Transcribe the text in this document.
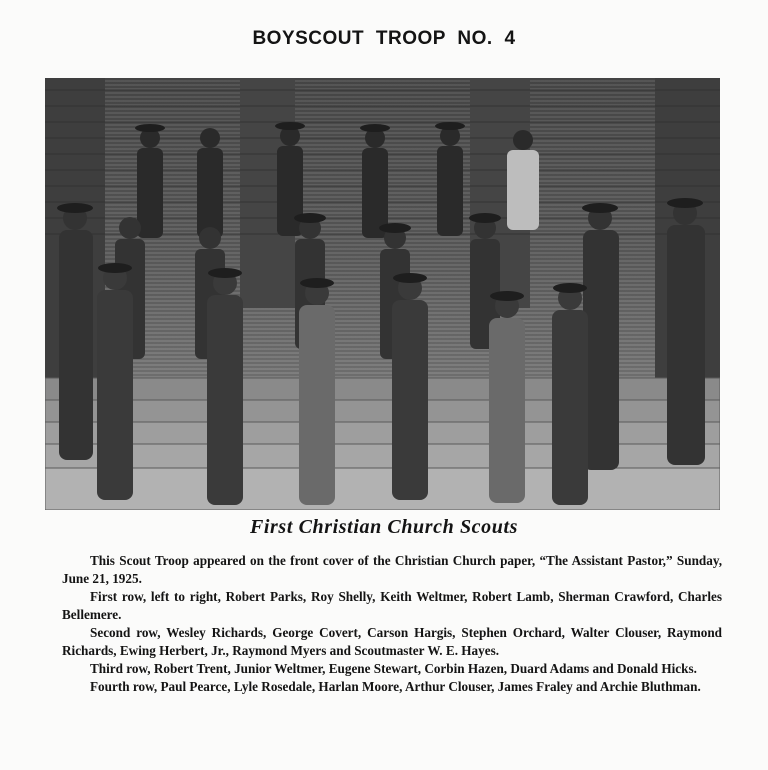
BOYSCOUT TROOP NO. 4
First Christian Church Scouts

This Scout Troop appeared on the front cover of the Christian Church paper, “The Assistant Pastor,” Sunday, June 21, 1925.

First row, left to right, Robert Parks, Roy Shelly, Keith Weltmer, Robert Lamb, Sherman Crawford, Charles Bellemere.

Second row, Wesley Richards, George Covert, Carson Hargis, Stephen Orchard, Walter Clouser, Raymond Richards, Ewing Herbert, Jr., Raymond Myers and Scoutmaster W. E. Hayes.

Third row, Robert Trent, Junior Weltmer, Eugene Stewart, Corbin Hazen, Duard Adams and Donald Hicks.

Fourth row, Paul Pearce, Lyle Rosedale, Harlan Moore, Arthur Clouser, James Fraley and Archie Bluthman.
